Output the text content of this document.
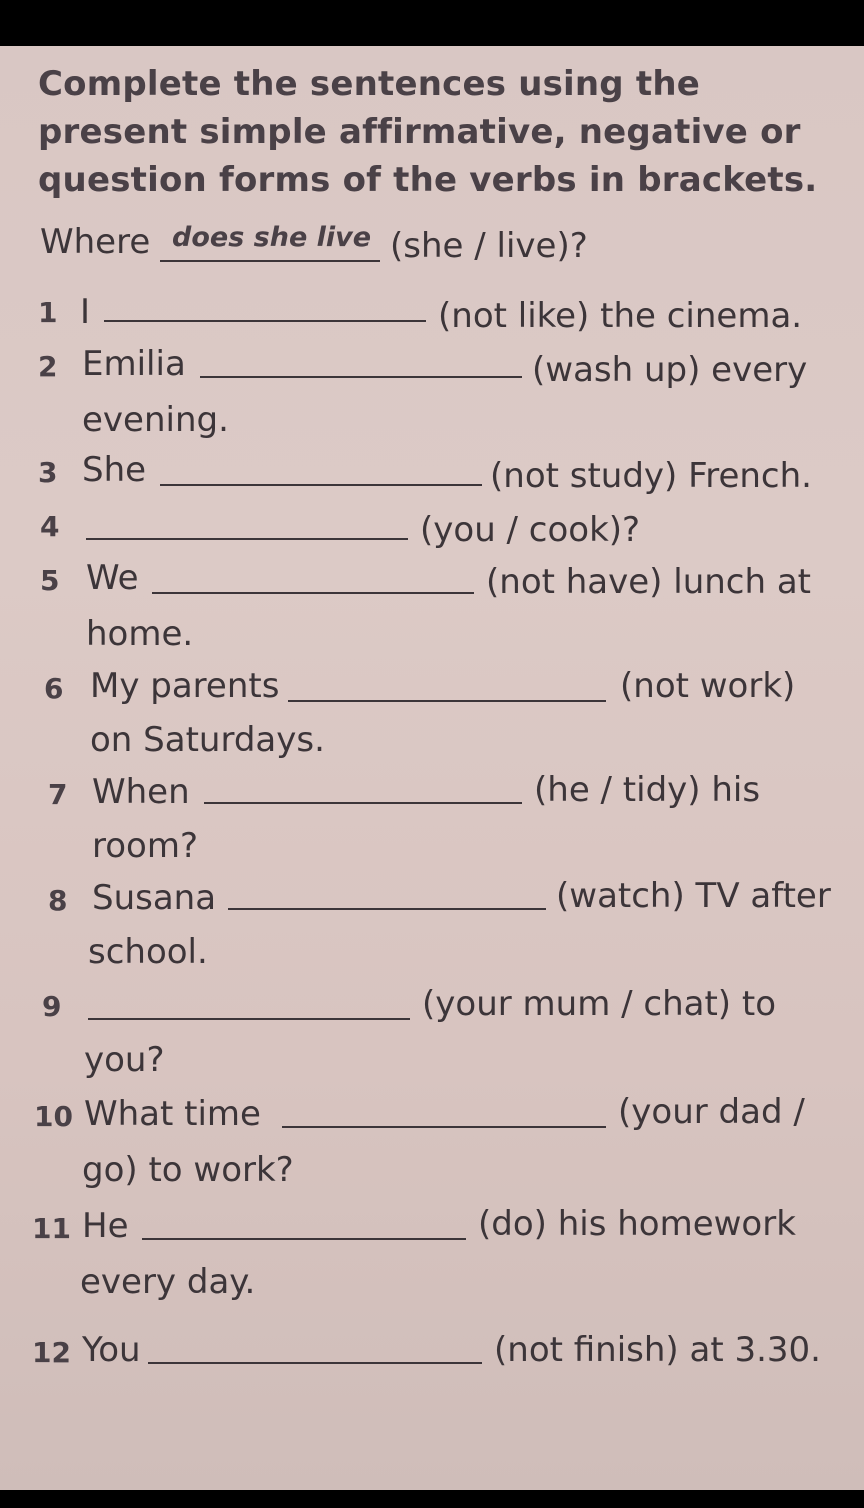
Complete the sentences using the present simple affirmative, negative or question forms of the verbs in brackets.
Where does she live (she / live)?
1 I	(not like) the cinema.
2 Emilia	(wash up) every
evening.
3 She	(not study) French.
4	(you / cook)?
5 We	(not have) lunch at
home.
6 My parents	(not work)
on Saturdays.
7 When	(he / tidy) his
room?
8 Susana	(watch) TV after
school.
9	(your mum / chat) to
you?
10 What time	(your dad /
go) to work?
11 He	(do) his homework
every day.
12 You	(not finish) at 3.30.
